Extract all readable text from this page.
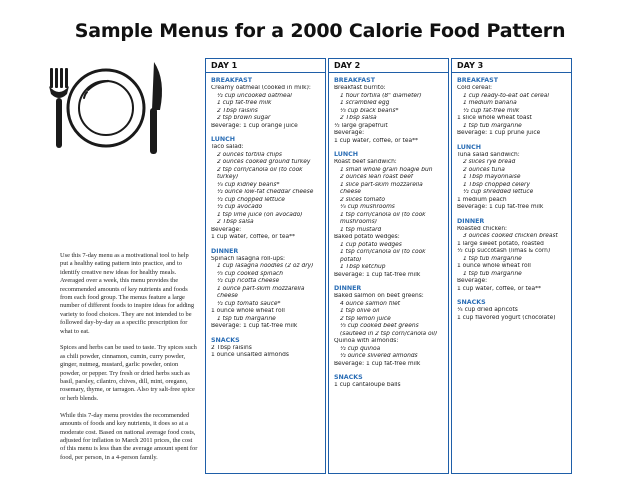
Sample Menus for a 2000 Calorie Food Pattern

Use this 7-day menu as a motivational tool to help put a healthy eating pattern into practice, and to identify creative new ideas for healthy meals. Averaged over a week, this menu provides the recommended amounts of key nutrients and foods from each food group. The menus feature a large number of different foods to inspire ideas for adding variety to food choices. They are not intended to be followed day-by-day as a specific prescription for what to eat.

Spices and herbs can be used to taste. Try spices such as chili powder, cinnamon, cumin, curry powder, ginger, nutmeg, mustard, garlic powder, onion powder, or pepper. Try fresh or dried herbs such as basil, parsley, cilantro, chives, dill, mint, oregano, rosemary, thyme, or tarragon. Also try salt-free spice or herb blends.

While this 7-day menu provides the recommended amounts of foods and key nutrients, it does so at a moderate cost. Based on national average food costs, adjusted for inflation to March 2011 prices, the cost of this menu is less than the average amount spent for food, per person, in a 4-person family.

DAY 1
BREAKFAST
Creamy oatmeal (cooked in milk):
½ cup uncooked oatmeal
1 cup fat-free milk
2 Tbsp raisins
2 tsp brown sugar
Beverage: 1 cup orange juice
LUNCH
Taco salad:
2 ounces tortilla chips
2 ounces cooked ground turkey
2 tsp corn/canola oil (to cook
turkey)
¼ cup kidney beans*
½ ounce low-fat cheddar cheese
½ cup chopped lettuce
½ cup avocado
1 tsp lime juice (on avocado)
2 Tbsp salsa
Beverage:
1 cup water, coffee, or tea**
DINNER
Spinach lasagna roll-ups:
1 cup lasagna noodles (2 oz dry)
⅔ cup cooked spinach
½ cup ricotta cheese
1 ounce part-skim mozzarella
cheese
½ cup tomato sauce*
1 ounce whole wheat roll
1 tsp tub margarine
Beverage: 1 cup fat-free milk
SNACKS
2 Tbsp raisins
1 ounce unsalted almonds
DAY 2
BREAKFAST
Breakfast burrito:
1 flour tortilla (8" diameter)
1 scrambled egg
⅓ cup black beans*
2 Tbsp salsa
½ large grapefruit
Beverage:
1 cup water, coffee, or tea**
LUNCH
Roast beef sandwich:
1 small whole grain hoagie bun
2 ounces lean roast beef
1 slice part-skim mozzarella
cheese
2 slices tomato
¼ cup mushrooms
1 tsp corn/canola oil (to cook
mushrooms)
1 tsp mustard
Baked potato wedges:
1 cup potato wedges
1 tsp corn/canola oil (to cook
potato)
1 Tbsp ketchup
Beverage: 1 cup fat-free milk
DINNER
Baked salmon on beet greens:
4 ounce salmon filet
1 tsp olive oil
2 tsp lemon juice
⅓ cup cooked beet greens
(sauteed in 2 tsp corn/canola oil)
Quinoa with almonds:
½ cup quinoa
½ ounce slivered almonds
Beverage: 1 cup fat-free milk
SNACKS
1 cup cantaloupe balls
DAY 3
BREAKFAST
Cold cereal:
1 cup ready-to-eat oat cereal
1 medium banana
½ cup fat-free milk
1 slice whole wheat toast
1 tsp tub margarine
Beverage: 1 cup prune juice
LUNCH
Tuna salad sandwich:
2 slices rye bread
2 ounces tuna
1 Tbsp mayonnaise
1 Tbsp chopped celery
½ cup shredded lettuce
1 medium peach
Beverage: 1 cup fat-free milk
DINNER
Roasted chicken:
3 ounces cooked chicken breast
1 large sweet potato, roasted
½ cup succotash (limas & corn)
1 tsp tub margarine
1 ounce whole wheat roll
1 tsp tub margarine
Beverage:
1 cup water, coffee, or tea**
SNACKS
¼ cup dried apricots
1 cup flavored yogurt (chocolate)
